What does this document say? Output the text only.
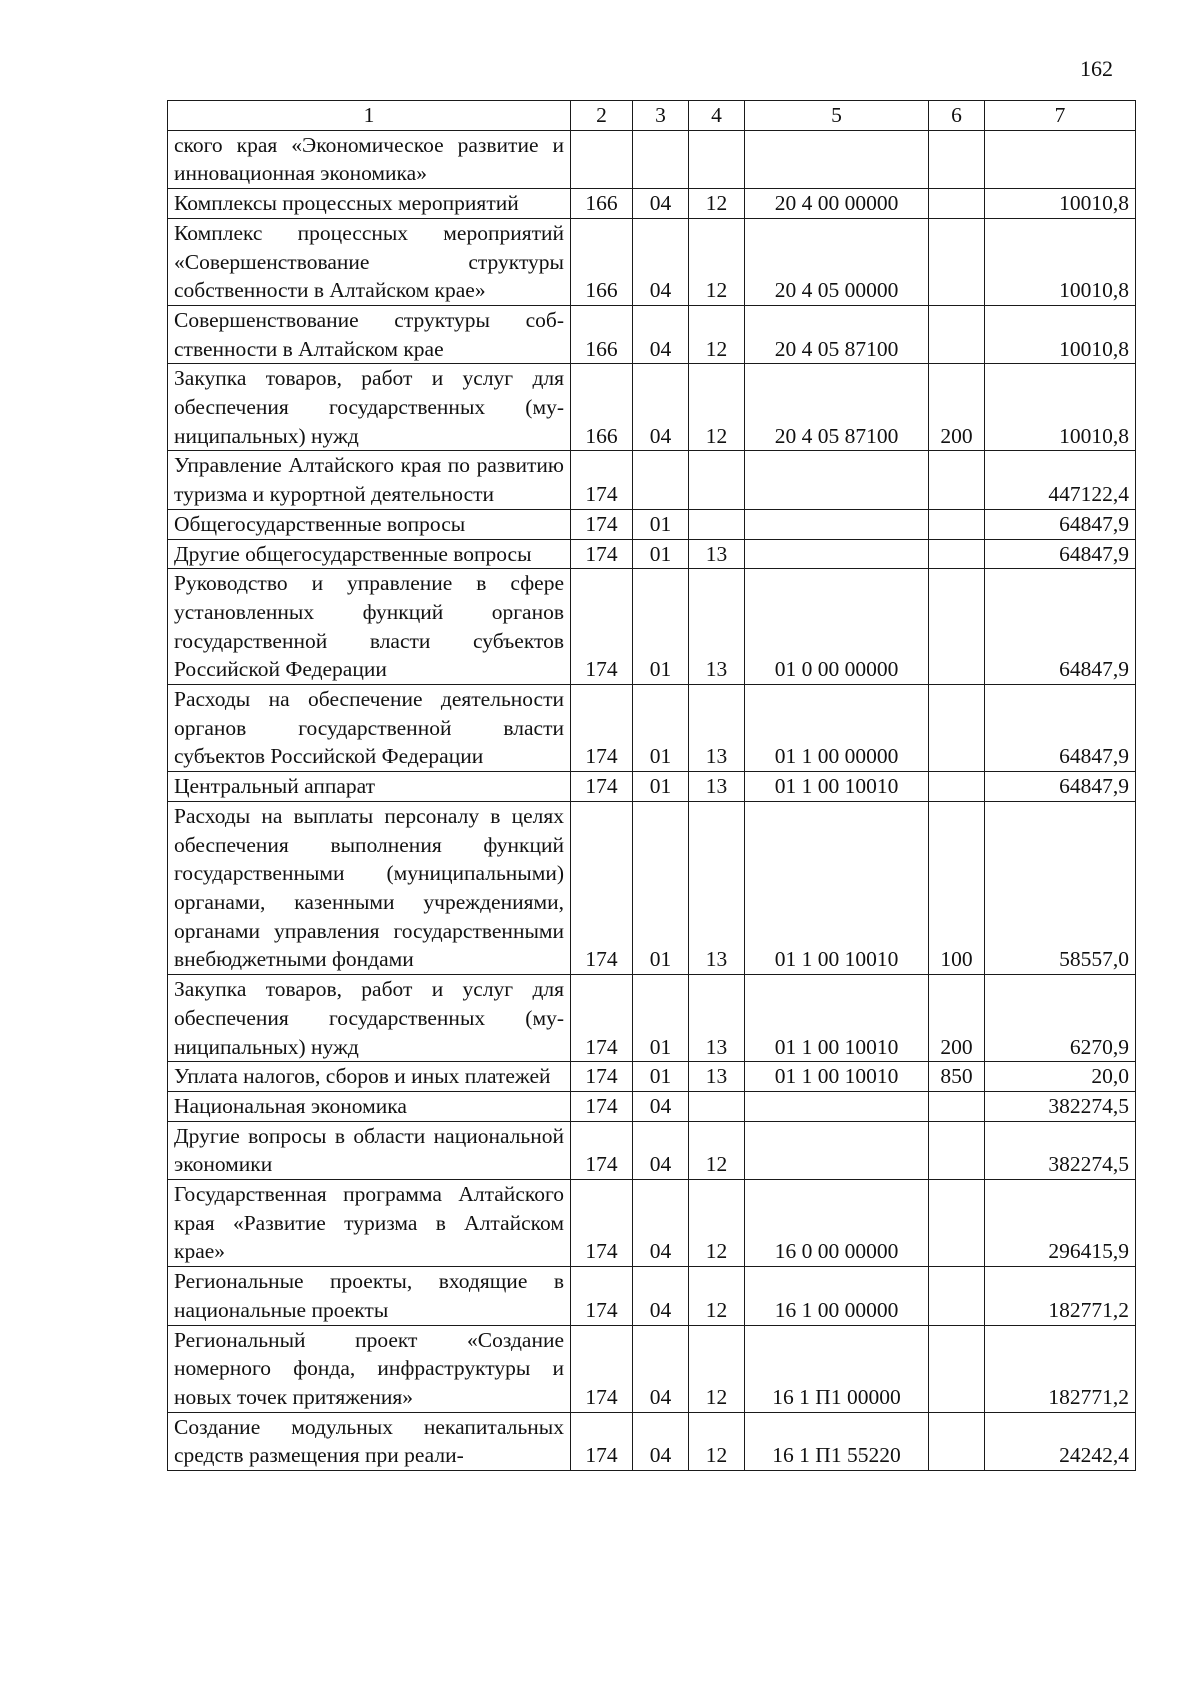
162
1	2	3	4	5	6	7
ского края «Экономическое развитие и инновационная экономика»						
Комплексы процессных мероприятий	166	04	12	20 4 00 00000		10010,8
Комплекс процессных мероприятий «Совершенствование структуры собственности в Алтайском крае»	166	04	12	20 4 05 00000		10010,8
Совершенствование структуры собственности в Алтайском крае	166	04	12	20 4 05 87100		10010,8
Закупка товаров, работ и услуг для обеспечения государственных (муниципальных) нужд	166	04	12	20 4 05 87100	200	10010,8
Управление Алтайского края по развитию туризма и курортной деятельности	174					447122,4
Общегосударственные вопросы	174	01				64847,9
Другие общегосударственные вопросы	174	01	13			64847,9
Руководство и управление в сфере установленных функций органов государственной власти субъектов Российской Федерации	174	01	13	01 0 00 00000		64847,9
Расходы на обеспечение деятельности органов государственной власти субъектов Российской Федерации	174	01	13	01 1 00 00000		64847,9
Центральный аппарат	174	01	13	01 1 00 10010		64847,9
Расходы на выплаты персоналу в целях обеспечения выполнения функций государственными (муниципальными) органами, казенными учреждениями, органами управления государственными внебюджетными фондами	174	01	13	01 1 00 10010	100	58557,0
Закупка товаров, работ и услуг для обеспечения государственных (муниципальных) нужд	174	01	13	01 1 00 10010	200	6270,9
Уплата налогов, сборов и иных платежей	174	01	13	01 1 00 10010	850	20,0
Национальная экономика	174	04				382274,5
Другие вопросы в области национальной экономики	174	04	12			382274,5
Государственная программа Алтайского края «Развитие туризма в Алтайском крае»	174	04	12	16 0 00 00000		296415,9
Региональные проекты, входящие в национальные проекты	174	04	12	16 1 00 00000		182771,2
Региональный проект «Создание номерного фонда, инфраструктуры и новых точек притяжения»	174	04	12	16 1 П1 00000		182771,2
Создание модульных некапитальных средств размещения при реали-	174	04	12	16 1 П1 55220		24242,4
